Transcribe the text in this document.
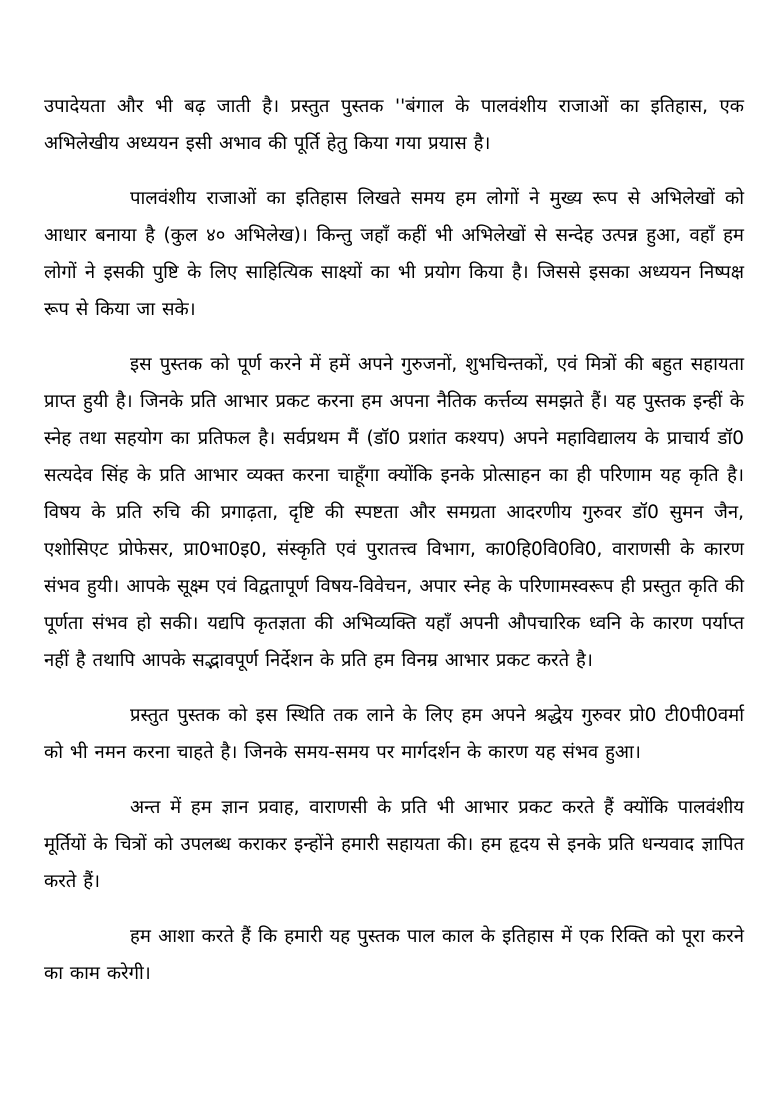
उपादेयता और भी बढ़ जाती है। प्रस्तुत पुस्तक ''बंगाल के पालवंशीय राजाओं का इतिहास, एक अभिलेखीय अध्ययन इसी अभाव की पूर्ति हेतु किया गया प्रयास है।

पालवंशीय राजाओं का इतिहास लिखते समय हम लोगों ने मुख्य रूप से अभिलेखों को आधार बनाया है (कुल ४० अभिलेख)। किन्तु जहाँ कहीं भी अभिलेखों से सन्देह उत्पन्न हुआ, वहाँ हम लोगों ने इसकी पुष्टि के लिए साहित्यिक साक्ष्यों का भी प्रयोग किया है। जिससे इसका अध्ययन निष्पक्ष रूप से किया जा सके।

इस पुस्तक को पूर्ण करने में हमें अपने गुरुजनों, शुभचिन्तकों, एवं मित्रों की बहुत सहायता प्राप्त हुयी है। जिनके प्रति आभार प्रकट करना हम अपना नैतिक कर्त्तव्य समझते हैं। यह पुस्तक इन्हीं के स्नेह तथा सहयोग का प्रतिफल है। सर्वप्रथम मैं (डॉ0 प्रशांत कश्यप) अपने महाविद्यालय के प्राचार्य डॉ0 सत्यदेव सिंह के प्रति आभार व्यक्त करना चाहूँगा क्योंकि इनके प्रोत्साहन का ही परिणाम यह कृति है। विषय के प्रति रुचि की प्रगाढ़ता, दृष्टि की स्पष्टता और समग्रता आदरणीय गुरुवर डॉ0 सुमन जैन, एशोसिएट प्रोफेसर, प्रा0भा0इ0, संस्कृति एवं पुरातत्त्व विभाग, का0हि0वि0वि0, वाराणसी के कारण संभव हुयी। आपके सूक्ष्म एवं विद्वतापूर्ण विषय-विवेचन, अपार स्नेह के परिणामस्वरूप ही प्रस्तुत कृति की पूर्णता संभव हो सकी। यद्यपि कृतज्ञता की अभिव्यक्ति यहाँ अपनी औपचारिक ध्वनि के कारण पर्याप्त नहीं है तथापि आपके सद्भावपूर्ण निर्देशन के प्रति हम विनम्र आभार प्रकट करते है।

प्रस्तुत पुस्तक को इस स्थिति तक लाने के लिए हम अपने श्रद्धेय गुरुवर प्रो0 टी0पी0वर्मा को भी नमन करना चाहते है। जिनके समय-समय पर मार्गदर्शन के कारण यह संभव हुआ।

अन्त में हम ज्ञान प्रवाह, वाराणसी के प्रति भी आभार प्रकट करते हैं क्योंकि पालवंशीय मूर्तियों के चित्रों को उपलब्ध कराकर इन्होंने हमारी सहायता की। हम हृदय से इनके प्रति धन्यवाद ज्ञापित करते हैं।

हम आशा करते हैं कि हमारी यह पुस्तक पाल काल के इतिहास में एक रिक्ति को पूरा करने का काम करेगी।
